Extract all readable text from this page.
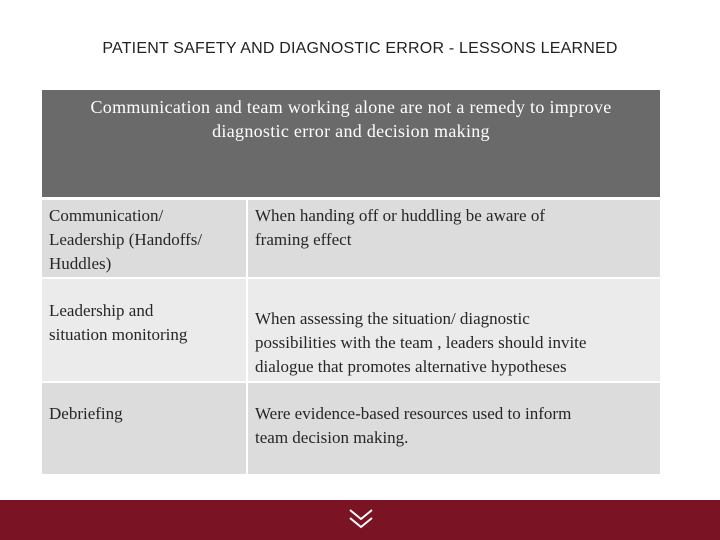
PATIENT SAFETY AND DIAGNOSTIC ERROR - LESSONS LEARNED
Communication and team working alone are not a remedy to improve
diagnostic error and decision making
Communication/
Leadership (Handoffs/
Huddles)
When handing off or huddling be aware of
framing effect
Leadership and
situation monitoring
When assessing the situation/ diagnostic
possibilities with the team , leaders should invite
dialogue that promotes alternative hypotheses
Debriefing	Were evidence-based resources used to inform
team decision making.
